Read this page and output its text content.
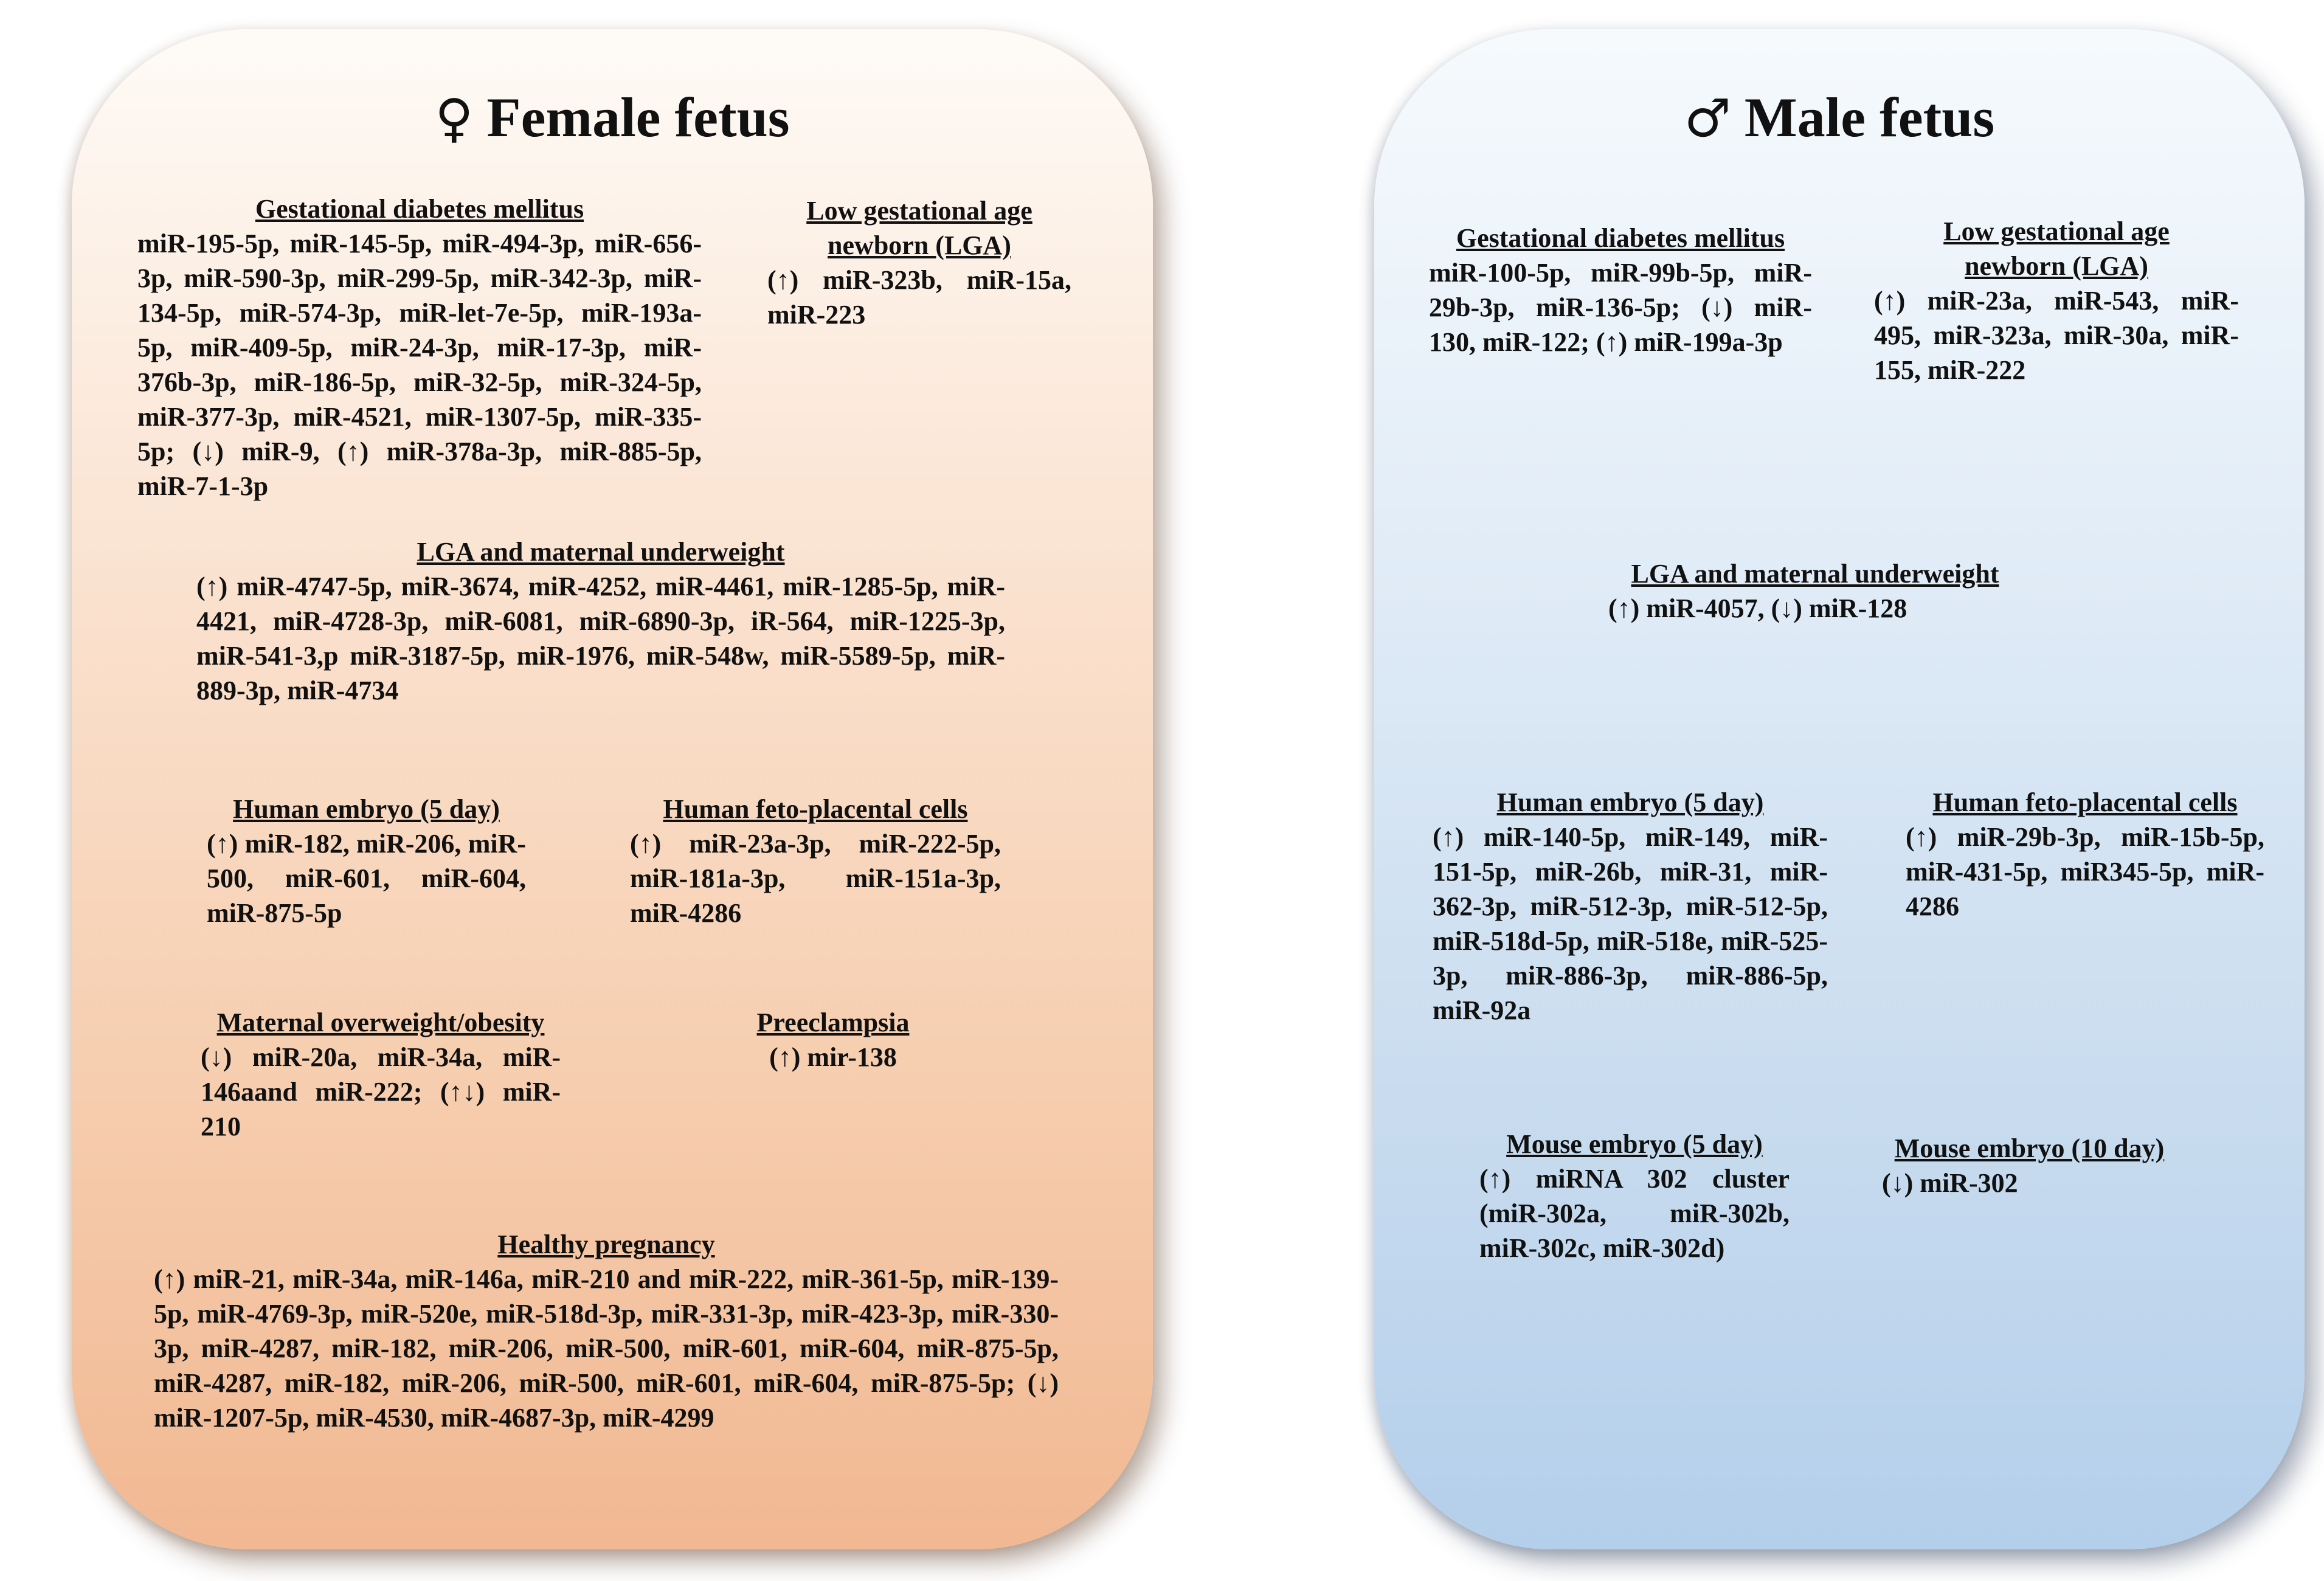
♀ Female fetus
Gestational diabetes mellitus
miR-195-5p, miR-145-5p, miR-494-3p, miR-656-3p, miR-590-3p, miR-299-5p, miR-342-3p, miR-134-5p, miR-574-3p, miR-let-7e-5p, miR-193a-5p, miR-409-5p, miR-24-3p, miR-17-3p, miR-376b-3p, miR-186-5p, miR-32-5p, miR-324-5p, miR-377-3p, miR-4521, miR-1307-5p, miR-335-5p; (↓) miR-9, (↑) miR-378a-3p, miR-885-5p, miR-7-1-3p
Low gestational age newborn (LGA)
(↑) miR-323b, miR-15a, miR-223
LGA and maternal underweight
(↑) miR-4747-5p, miR-3674, miR-4252, miR-4461, miR-1285-5p, miR-4421, miR-4728-3p, miR-6081, miR-6890-3p, iR-564, miR-1225-3p, miR-541-3,p miR-3187-5p, miR-1976, miR-548w, miR-5589-5p, miR-889-3p, miR-4734
Human embryo (5 day)
(↑) miR-182, miR-206, miR-500, miR-601, miR-604, miR-875-5p
Human feto-placental cells
(↑) miR-23a-3p, miR-222-5p, miR-181a-3p, miR-151a-3p, miR-4286
Maternal overweight/obesity
(↓) miR-20a, miR-34a, miR-146aand miR-222; (↑↓) miR-210
Preeclampsia
(↑) mir-138
Healthy pregnancy
(↑) miR-21, miR-34a, miR-146a, miR-210 and miR-222, miR-361-5p, miR-139-5p, miR-4769-3p, miR-520e, miR-518d-3p, miR-331-3p, miR-423-3p, miR-330-3p, miR-4287, miR-182, miR-206, miR-500, miR-601, miR-604, miR-875-5p, miR-4287, miR-182, miR-206, miR-500, miR-601, miR-604, miR-875-5p; (↓) miR-1207-5p, miR-4530, miR-4687-3p, miR-4299
♂ Male fetus
Gestational diabetes mellitus
miR-100-5p, miR-99b-5p, miR-29b-3p, miR-136-5p; (↓) miR-130, miR-122; (↑) miR-199a-3p
Low gestational age newborn (LGA)
(↑) miR-23a, miR-543, miR-495, miR-323a, miR-30a, miR-155, miR-222
LGA and maternal underweight
(↑) miR-4057, (↓) miR-128
Human embryo (5 day)
(↑) miR-140-5p, miR-149, miR-151-5p, miR-26b, miR-31, miR-362-3p, miR-512-3p, miR-512-5p, miR-518d-5p, miR-518e, miR-525-3p, miR-886-3p, miR-886-5p, miR-92a
Human feto-placental cells
(↑) miR-29b-3p, miR-15b-5p, miR-431-5p, miR345-5p, miR-4286
Mouse embryo (5 day)
(↑) miRNA 302 cluster (miR-302a, miR-302b, miR-302c, miR-302d)
Mouse embryo (10 day)
(↓) miR-302
